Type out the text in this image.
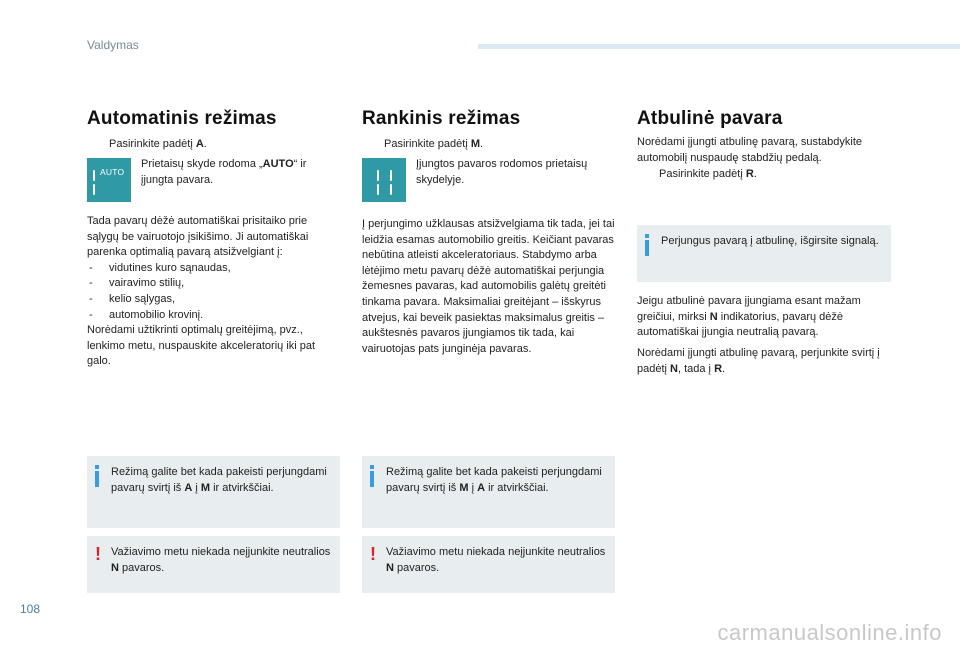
Valdymas
Automatinis režimas
Pasirinkite padėtį A.
AUTO
Prietaisų skyde rodoma „AUTO“ ir įjungta pavara.

Tada pavarų dėžė automatiškai prisitaiko prie sąlygų be vairuotojo įsikišimo. Ji automatiškai parenka optimalią pavarą atsižvelgiant į:

- vidutines kuro sąnaudas,
- vairavimo stilių,
- kelio sąlygas,
- automobilio krovinį.

Norėdami užtikrinti optimalų greitėjimą, pvz., lenkimo metu, nuspauskite akceleratorių iki pat galo.

Režimą galite bet kada pakeisti perjungdami pavarų svirtį iš A į M ir atvirkščiai.
! Važiavimo metu niekada neįjunkite neutralios N pavaros.
Rankinis režimas
Pasirinkite padėtį M.
Įjungtos pavaros rodomos prietaisų skydelyje.
Į perjungimo užklausas atsižvelgiama tik tada, jei tai leidžia esamas automobilio greitis. Keičiant pavaras nebūtina atleisti akceleratoriaus. Stabdymo arba lėtėjimo metu pavarų dėžė automatiškai perjungia žemesnes pavaras, kad automobilis galėtų greitėti tinkama pavara. Maksimaliai greitėjant – išskyrus atvejus, kai beveik pasiektas maksimalus greitis – aukštesnės pavaros įjungiamos tik tada, kai vairuotojas pats junginėja pavaras.
Režimą galite bet kada pakeisti perjungdami pavarų svirtį iš M į A ir atvirkščiai.
! Važiavimo metu niekada neįjunkite neutralios N pavaros.
Atbulinė pavara
Norėdami įjungti atbulinę pavarą, sustabdykite automobilį nuspaudę stabdžių pedalą.
Pasirinkite padėtį R.
Perjungus pavarą į atbulinę, išgirsite signalą.
Jeigu atbulinė pavara įjungiama esant mažam greičiui, mirksi N indikatorius, pavarų dėžė automatiškai įjungia neutralią pavarą.
Norėdami įjungti atbulinę pavarą, perjunkite svirtį į padėtį N, tada į R.
108
carmanualsonline.info
